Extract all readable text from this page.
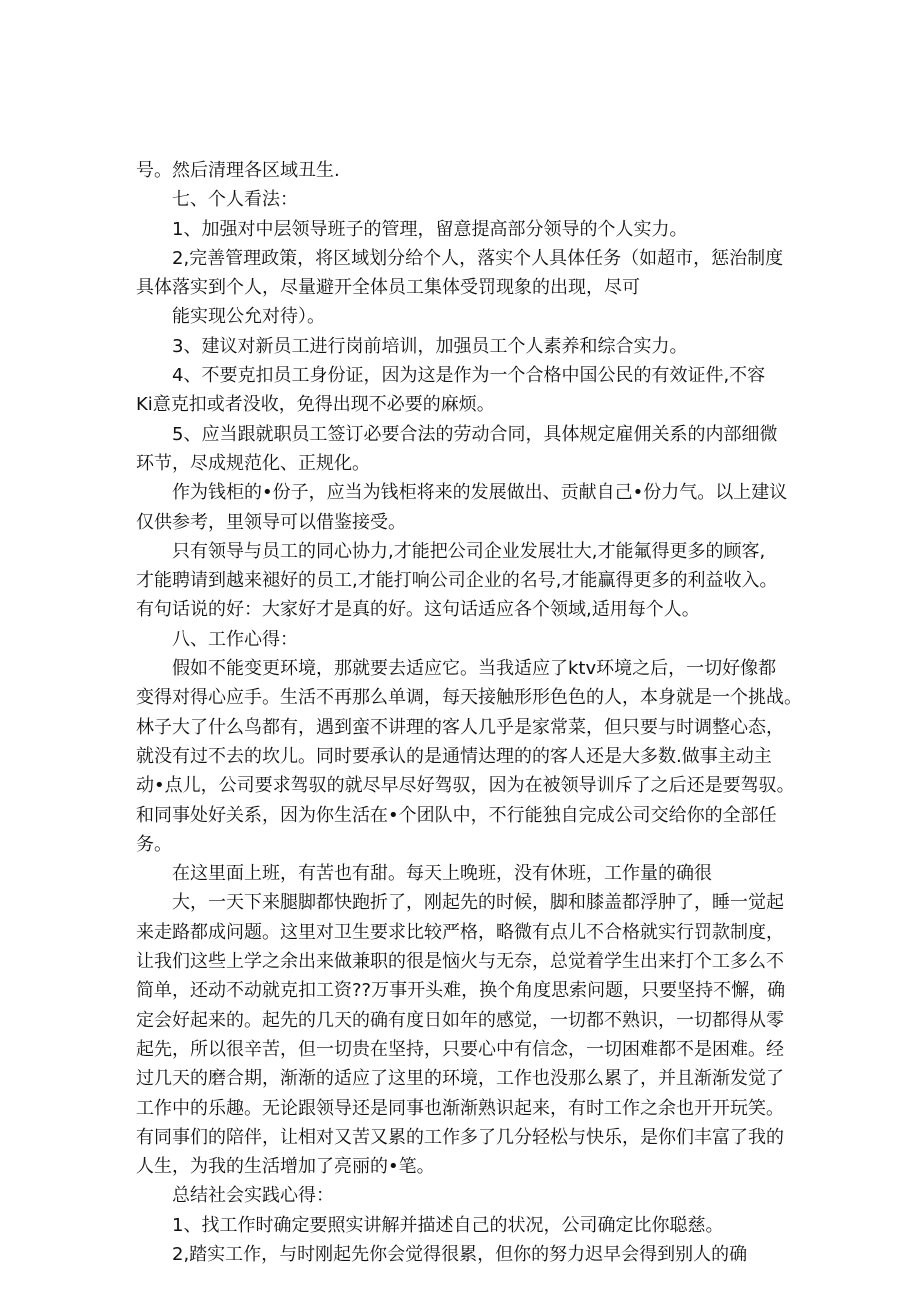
号。然后清理各区域丑生.
七、个人看法：
1、加强对中层领导班子的管理，留意提高部分领导的个人实力。
2,完善管理政策，将区域划分给个人，落实个人具体任务（如超市，惩治制度
具体落实到个人，尽量避开全体员工集体受罚现象的出现，尽可
能实现公允对待）。
3、建议对新员工进行岗前培训，加强员工个人素养和综合实力。
4、不要克扣员工身份证，因为这是作为一个合格中国公民的有效证件,不容
Ki意克扣或者没收，免得出现不必要的麻烦。
5、应当跟就职员工签订必要合法的劳动合同，具体规定雇佣关系的内部细微
环节，尽成规范化、正规化。
作为钱柜的•份子，应当为钱柜将来的发展做出、贡献自己•份力气。以上建议
仅供参考，里领导可以借鉴接受。
只有领导与员工的同心协力,才能把公司企业发展壮大,才能氟得更多的顾客,
才能聘请到越来褪好的员工,才能打响公司企业的名号,才能赢得更多的利益收入。
有句话说的好：大家好才是真的好。这句话适应各个领域,适用每个人。
八、工作心得：
假如不能变更环境，那就要去适应它。当我适应了ktv环境之后，一切好像都
变得对得心应手。生活不再那么单调，每天接触形形色色的人，本身就是一个挑战。
林子大了什么鸟都有，遇到蛮不讲理的客人几乎是家常菜，但只要与时调整心态，
就没有过不去的坎儿。同时要承认的是通情达理的的客人还是大多数.做事主动主
动•点儿，公司要求驾驭的就尽早尽好驾驭，因为在被领导训斥了之后还是要驾驭。
和同事处好关系，因为你生活在•个团队中，不行能独自完成公司交给你的全部任
务。
在这里面上班，有苦也有甜。每天上晚班，没有休班，工作量的确很
大，一天下来腿脚都快跑折了，刚起先的时候，脚和膝盖都浮肿了，睡一觉起
来走路都成问题。这里对卫生要求比较严格，略微有点儿不合格就实行罚款制度，
让我们这些上学之余出来做兼职的很是恼火与无奈，总觉着学生出来打个工多么不
简单，还动不动就克扣工资??万事开头难，换个角度思索问题，只要坚持不懈，确
定会好起来的。起先的几天的确有度日如年的感觉，一切都不熟识，一切都得从零
起先，所以很辛苦，但一切贵在坚持，只要心中有信念，一切困难都不是困难。经
过几天的磨合期，渐渐的适应了这里的环境，工作也没那么累了，并且渐渐发觉了
工作中的乐趣。无论跟领导还是同事也渐渐熟识起来，有时工作之余也开开玩笑。
有同事们的陪伴，让相对又苦又累的工作多了几分轻松与快乐，是你们丰富了我的
人生，为我的生活增加了亮丽的•笔。
总结社会实践心得：
1、找工作时确定要照实讲解并描述自己的状况，公司确定比你聪慈。
2,踏实工作，与时刚起先你会觉得很累，但你的努力迟早会得到别人的确
